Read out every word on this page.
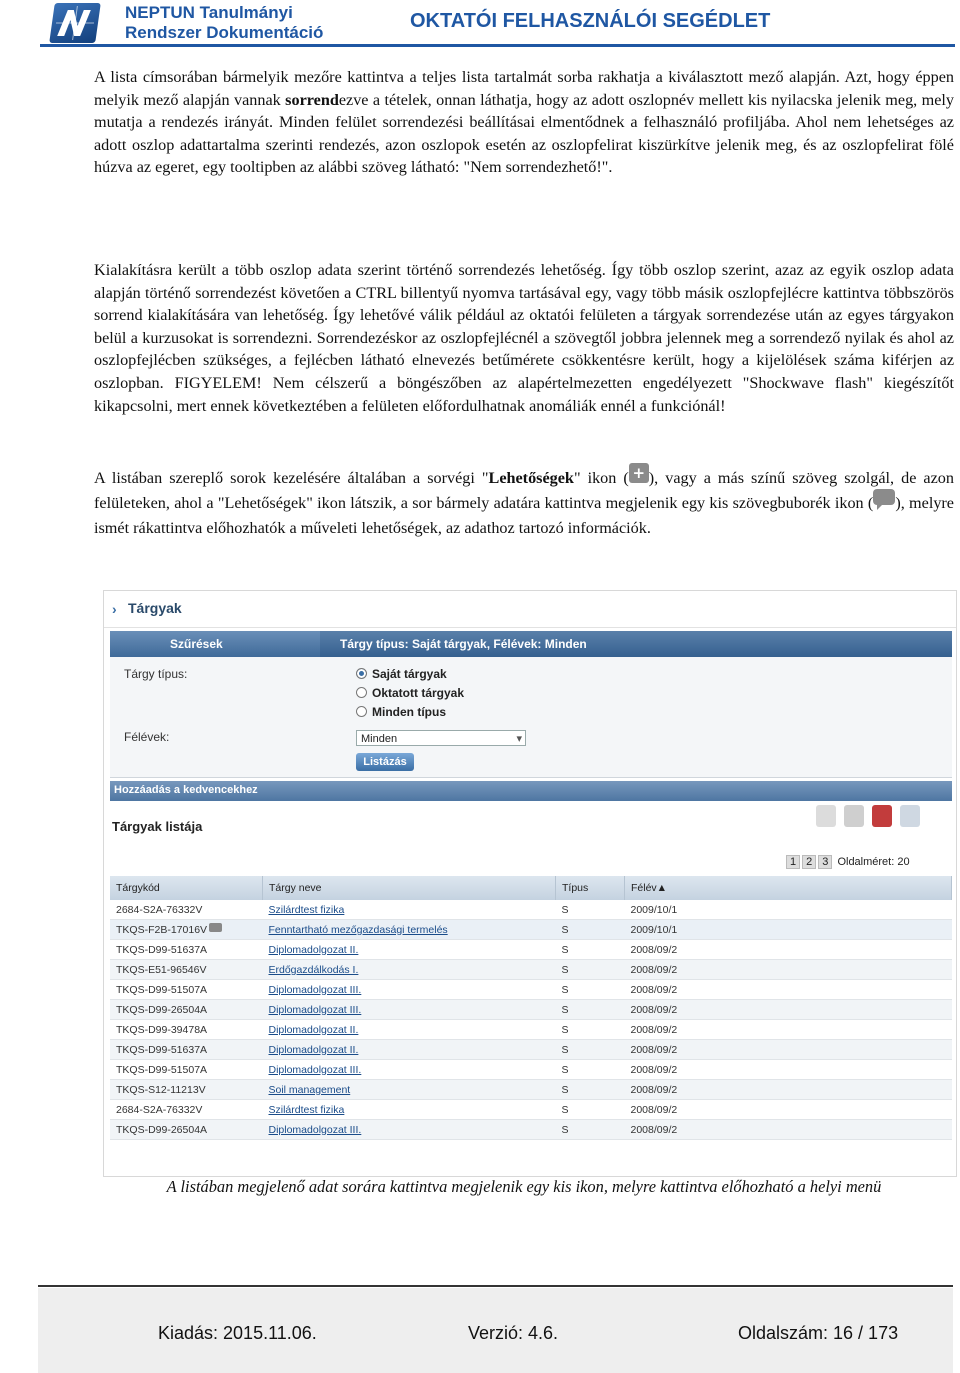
NEPTUN Tanulmányi
Rendszer Dokumentáció
OKTATÓI FELHASZNÁLÓI SEGÉDLET

A lista címsorában bármelyik mezőre kattintva a teljes lista tartalmát sorba rakhatja a kiválasztott mező alapján. Azt, hogy éppen melyik mező alapján vannak sorrendezve a tételek, onnan láthatja, hogy az adott oszlopnév mellett kis nyilacska jelenik meg, mely mutatja a rendezés irányát. Minden felület sorrendezési beállításai elmentődnek a felhasználó profiljába. Ahol nem lehetséges az adott oszlop adattartalma szerinti rendezés, azon oszlopok esetén az oszlopfelirat kiszürkítve jelenik meg, és az oszlopfelirat fölé húzva az egeret, egy tooltipben az alábbi szöveg látható: "Nem sorrendezhető!".

Kialakításra került a több oszlop adata szerint történő sorrendezés lehetőség. Így több oszlop szerint, azaz az egyik oszlop adata alapján történő sorrendezést követően a CTRL billentyű nyomva tartásával egy, vagy több másik oszlopfejlécre kattintva többszörös sorrend kialakítására van lehetőség. Így lehetővé válik például az oktatói felületen a tárgyak sorrendezése után az egyes tárgyakon belül a kurzusokat is sorrendezni. Sorrendezéskor az oszlopfejlécnél a szövegtől jobbra jelennek meg a sorrendező nyilak és ahol az oszlopfejlécben szükséges, a fejlécben látható elnevezés betűmérete csökkentésre került, hogy a kijelölések száma kiférjen az oszlopban. FIGYELEM! Nem célszerű a böngészőben az alapértelmezetten engedélyezett "Shockwave flash" kiegészítőt kikapcsolni, mert ennek következtében a felületen előfordulhatnak anomáliák ennél a funkciónál!

A listában szereplő sorok kezelésére általában a sorvégi "Lehetőségek" ikon ( + ), vagy a más színű szöveg szolgál, de azon felületeken, ahol a "Lehetőségek" ikon látszik, a sor bármely adatára kattintva megjelenik egy kis szövegbuborék ikon ( ), melyre ismét rákattintva előhozhatók a műveleti lehetőségek, az adathoz tartozó információk.

› Tárgyak
Szűrések	Tárgy típus: Saját tárgyak, Félévek: Minden
Tárgy típus:	Saját tárgyak
Oktatott tárgyak
Minden típus
Félévek:	Minden	▾
Listázás
Hozzáadás a kedvencekhez
Tárgyak listája
1 2 3 Oldalméret: 20
Tárgykód	Tárgy neve	Típus	Félév▲
2684-S2A-76332V	Szilárdtest fizika	S	2009/10/1
TKQS-F2B-17016V	Fenntartható mezőgazdasági termelés	S	2009/10/1
TKQS-D99-51637A	Diplomadolgozat II.	S	2008/09/2
TKQS-E51-96546V	Erdőgazdálkodás I.	S	2008/09/2
TKQS-D99-51507A	Diplomadolgozat III.	S	2008/09/2
TKQS-D99-26504A	Diplomadolgozat III.	S	2008/09/2
TKQS-D99-39478A	Diplomadolgozat II.	S	2008/09/2
TKQS-D99-51637A	Diplomadolgozat II.	S	2008/09/2
TKQS-D99-51507A	Diplomadolgozat III.	S	2008/09/2
TKQS-S12-11213V	Soil management	S	2008/09/2
2684-S2A-76332V	Szilárdtest fizika	S	2008/09/2
TKQS-D99-26504A	Diplomadolgozat III.	S	2008/09/2
A listában megjelenő adat sorára kattintva megjelenik egy kis ikon, melyre kattintva előhozható a helyi menü
Kiadás: 2015.11.06.	Verzió: 4.6.	Oldalszám: 16 / 173
